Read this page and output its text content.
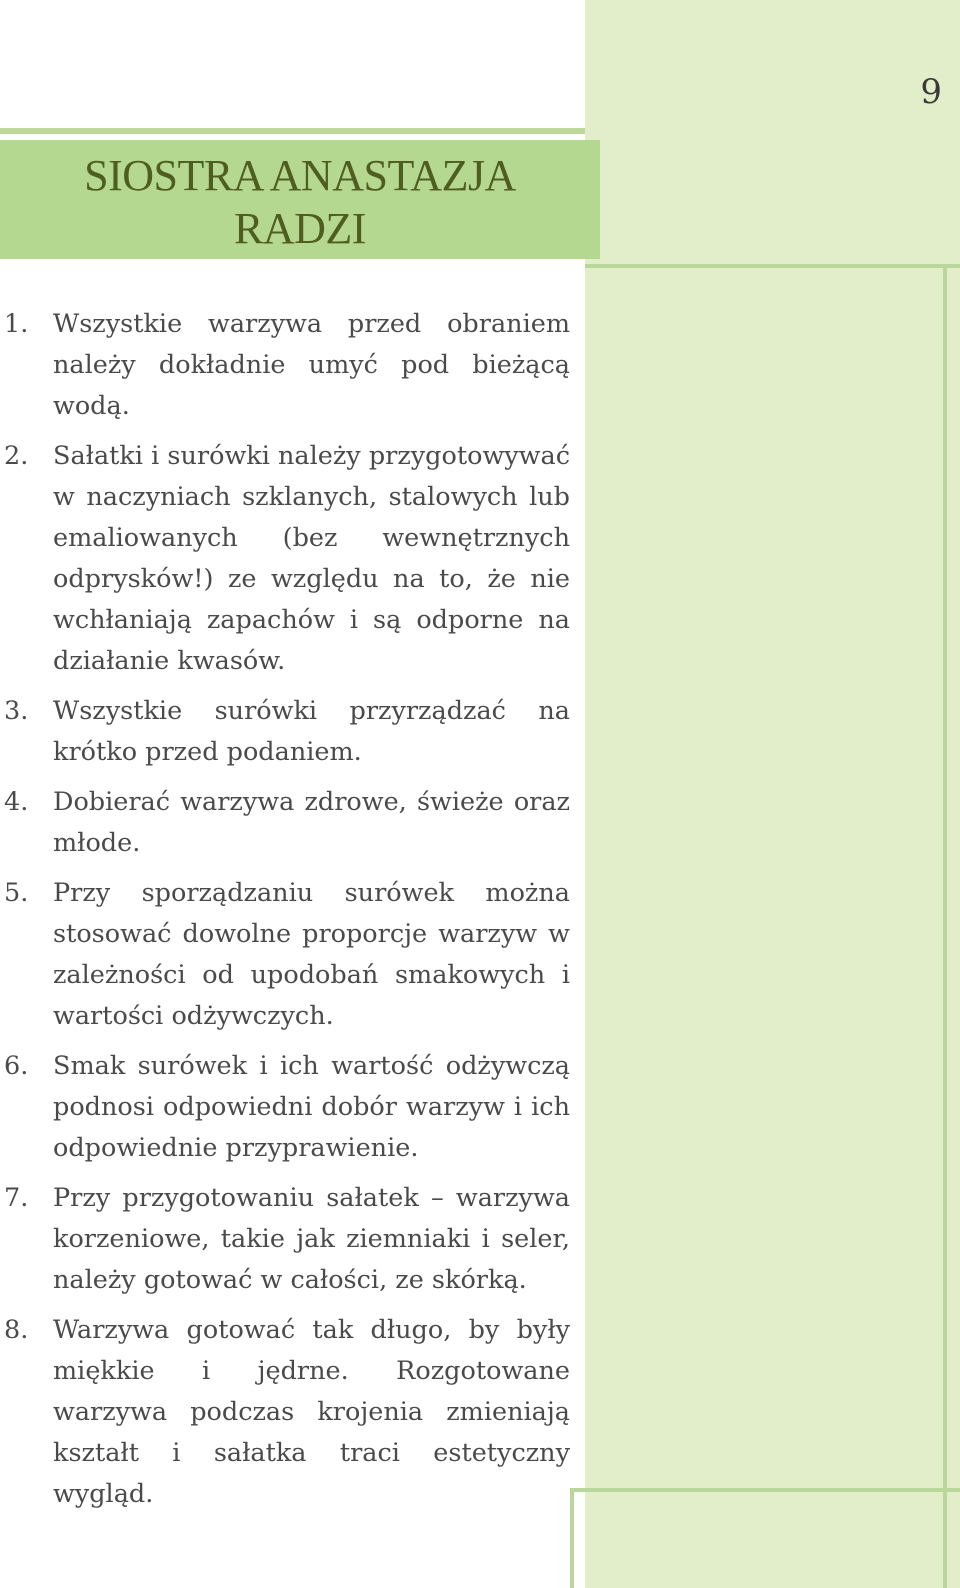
9
SIOSTRA ANASTAZJA
RADZI
1. Wszystkie warzywa przed obraniem należy dokładnie umyć pod bieżącą wodą.
2. Sałatki i surówki należy przygotowywać w naczyniach szklanych, stalowych lub emaliowanych (bez wewnętrznych odprysków!) ze względu na to, że nie wchłaniają zapachów i są odporne na działanie kwasów.
3. Wszystkie surówki przyrządzać na krótko przed podaniem.
4. Dobierać warzywa zdrowe, świeże oraz młode.
5. Przy sporządzaniu surówek można stosować dowolne proporcje warzyw w zależności od upodobań smakowych i wartości odżywczych.
6. Smak surówek i ich wartość odżywczą podnosi odpowiedni dobór warzyw i ich odpowiednie przyprawienie.
7. Przy przygotowaniu sałatek – warzywa korzeniowe, takie jak ziemniaki i seler, należy gotować w całości, ze skórką.
8. Warzywa gotować tak długo, by były miękkie i jędrne. Rozgotowane warzywa podczas krojenia zmieniają kształt i sałatka traci estetyczny wygląd.
